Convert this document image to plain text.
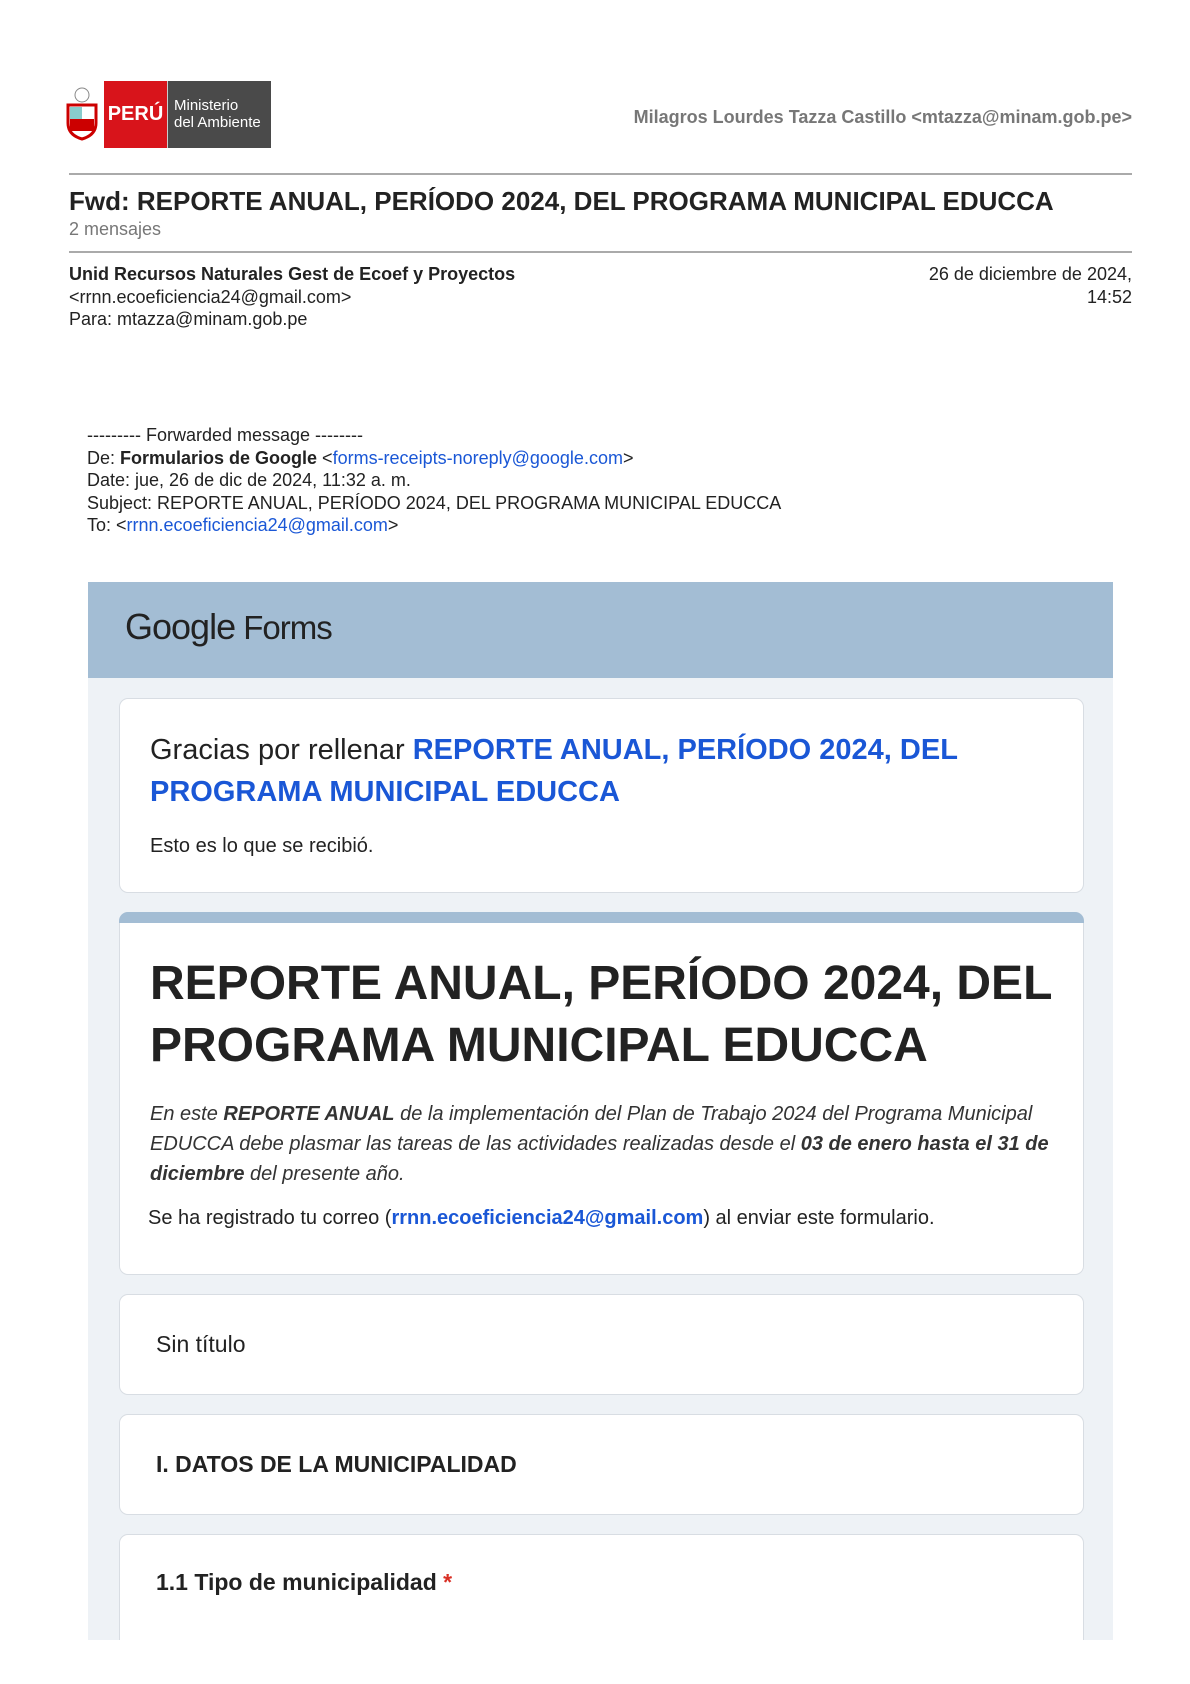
PERÚ Ministerio
del Ambiente	Milagros Lourdes Tazza Castillo <mtazza@minam.gob.pe>
Fwd: REPORTE ANUAL, PERÍODO 2024, DEL PROGRAMA MUNICIPAL EDUCCA
2 mensajes
Unid Recursos Naturales Gest de Ecoef y Proyectos
<rrnn.ecoeficiencia24@gmail.com>
Para: mtazza@minam.gob.pe
26 de diciembre de 2024,
14:52
--------- Forwarded message --------
De: Formularios de Google <forms-receipts-noreply@google.com>
Date: jue, 26 de dic de 2024, 11:32 a. m.
Subject: REPORTE ANUAL, PERÍODO 2024, DEL PROGRAMA MUNICIPAL EDUCCA
To: <rrnn.ecoeficiencia24@gmail.com>
Google Forms
Gracias por rellenar REPORTE ANUAL, PERÍODO 2024, DEL PROGRAMA MUNICIPAL EDUCCA
Esto es lo que se recibió.
REPORTE ANUAL, PERÍODO 2024, DEL PROGRAMA MUNICIPAL EDUCCA
En este REPORTE ANUAL de la implementación del Plan de Trabajo 2024 del Programa Municipal EDUCCA debe plasmar las tareas de las actividades realizadas desde el 03 de enero hasta el 31 de diciembre del presente año.
Se ha registrado tu correo (rrnn.ecoeficiencia24@gmail.com) al enviar este formulario.
Sin título
I. DATOS DE LA MUNICIPALIDAD
1.1 Tipo de municipalidad *
